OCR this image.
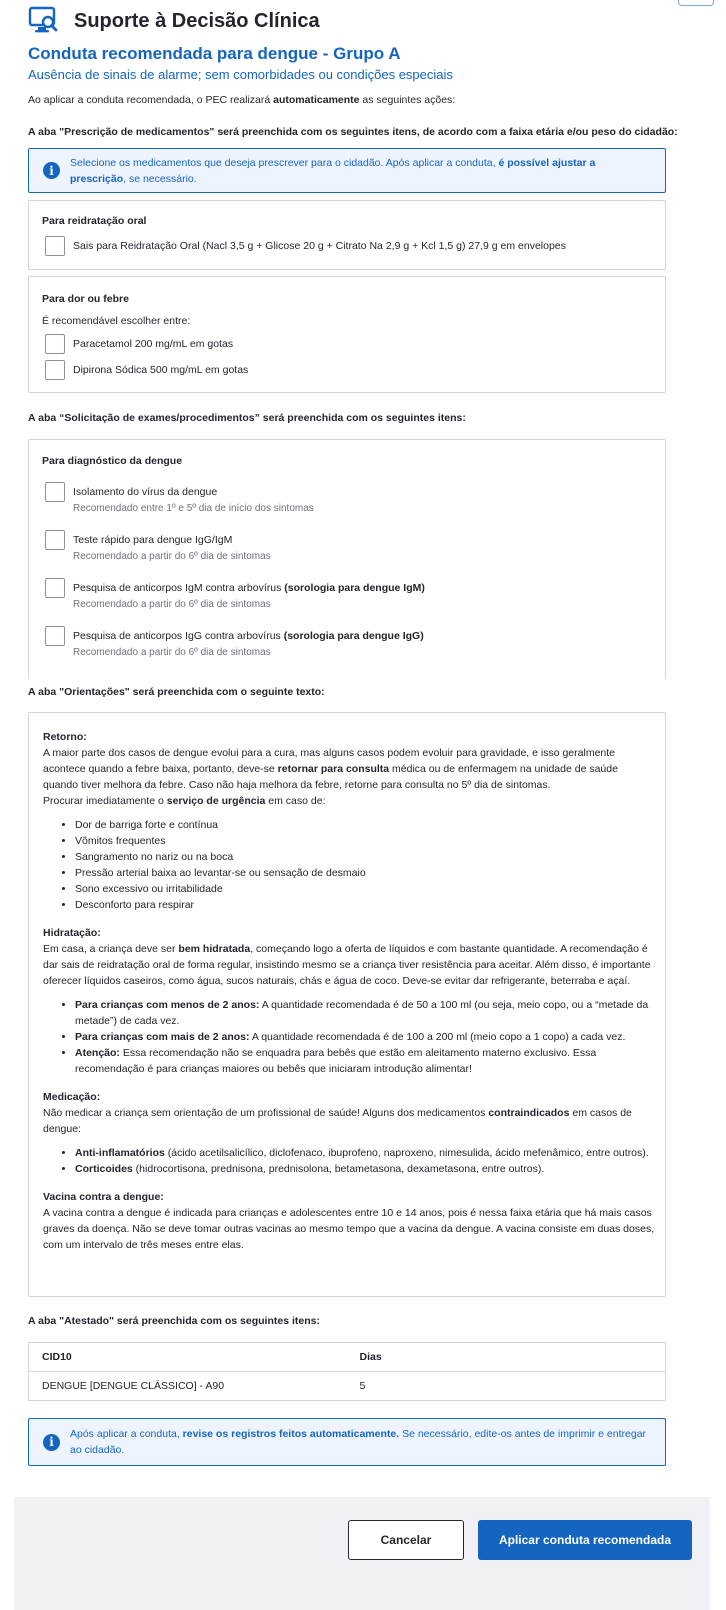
Suporte à Decisão Clínica
Conduta recomendada para dengue - Grupo A
Ausência de sinais de alarme; sem comorbidades ou condições especiais
Ao aplicar a conduta recomendada, o PEC realizará automaticamente as seguintes ações:
A aba "Prescrição de medicamentos" será preenchida com os seguintes itens, de acordo com a faixa etária e/ou peso do cidadão:
i
Selecione os medicamentos que deseja prescrever para o cidadão. Após aplicar a conduta, é possível ajustar a prescrição, se necessário.
Para reidratação oral
Sais para Reidratação Oral (Nacl 3,5 g + Glicose 20 g + Citrato Na 2,9 g + Kcl 1,5 g) 27,9 g em envelopes
Para dor ou febre
É recomendável escolher entre:
Paracetamol 200 mg/mL em gotas
Dipirona Sódica 500 mg/mL em gotas
A aba “Solicitação de exames/procedimentos” será preenchida com os seguintes itens:
Para diagnóstico da dengue
Isolamento do vírus da dengue
Recomendado entre 1º e 5º dia de início dos sintomas
Teste rápido para dengue IgG/IgM
Recomendado a partir do 6º dia de sintomas
Pesquisa de anticorpos IgM contra arbovírus (sorologia para dengue IgM)
Recomendado a partir do 6º dia de sintomas
Pesquisa de anticorpos IgG contra arbovírus (sorologia para dengue IgG)
Recomendado a partir do 6º dia de sintomas
A aba "Orientações" será preenchida com o seguinte texto:
Retorno:

A maior parte dos casos de dengue evolui para a cura, mas alguns casos podem evoluir para gravidade, e isso geralmente acontece quando a febre baixa, portanto, deve-se retornar para consulta médica ou de enfermagem na unidade de saúde quando tiver melhora da febre. Caso não haja melhora da febre, retorne para consulta no 5º dia de sintomas.

Procurar imediatamente o serviço de urgência em caso de:

• Dor de barriga forte e contínua
• Vômitos frequentes
• Sangramento no nariz ou na boca
• Pressão arterial baixa ao levantar-se ou sensação de desmaio
• Sono excessivo ou irritabilidade
• Desconforto para respirar
Hidratação:

Em casa, a criança deve ser bem hidratada, começando logo a oferta de líquidos e com bastante quantidade. A recomendação é dar sais de reidratação oral de forma regular, insistindo mesmo se a criança tiver resistência para aceitar. Além disso, é importante oferecer líquidos caseiros, como água, sucos naturais, chás e água de coco. Deve-se evitar dar refrigerante, beterraba e açaí.

• Para crianças com menos de 2 anos: A quantidade recomendada é de 50 a 100 ml (ou seja, meio copo, ou a “metade da metade”) de cada vez.
• Para crianças com mais de 2 anos: A quantidade recomendada é de 100 a 200 ml (meio copo a 1 copo) a cada vez.
• Atenção: Essa recomendação não se enquadra para bebês que estão em aleitamento materno exclusivo. Essa recomendação é para crianças maiores ou bebês que iniciaram introdução alimentar!
Medicação:

Não medicar a criança sem orientação de um profissional de saúde! Alguns dos medicamentos contraindicados em casos de dengue:

• Anti-inflamatórios (ácido acetilsalicílico, diclofenaco, ibuprofeno, naproxeno, nimesulida, ácido mefenâmico, entre outros).
• Corticoides (hidrocortisona, prednisona, prednisolona, betametasona, dexametasona, entre outros).
Vacina contra a dengue:

A vacina contra a dengue é indicada para crianças e adolescentes entre 10 e 14 anos, pois é nessa faixa etária que há mais casos graves da doença. Não se deve tomar outras vacinas ao mesmo tempo que a vacina da dengue. A vacina consiste em duas doses, com um intervalo de três meses entre elas.

A aba "Atestado" será preenchida com os seguintes itens:
CID10	Dias
DENGUE [DENGUE CLÁSSICO] - A90	5
i
Após aplicar a conduta, revise os registros feitos automaticamente. Se necessário, edite-os antes de imprimir e entregar ao cidadão.
Cancelar	Aplicar conduta recomendada
